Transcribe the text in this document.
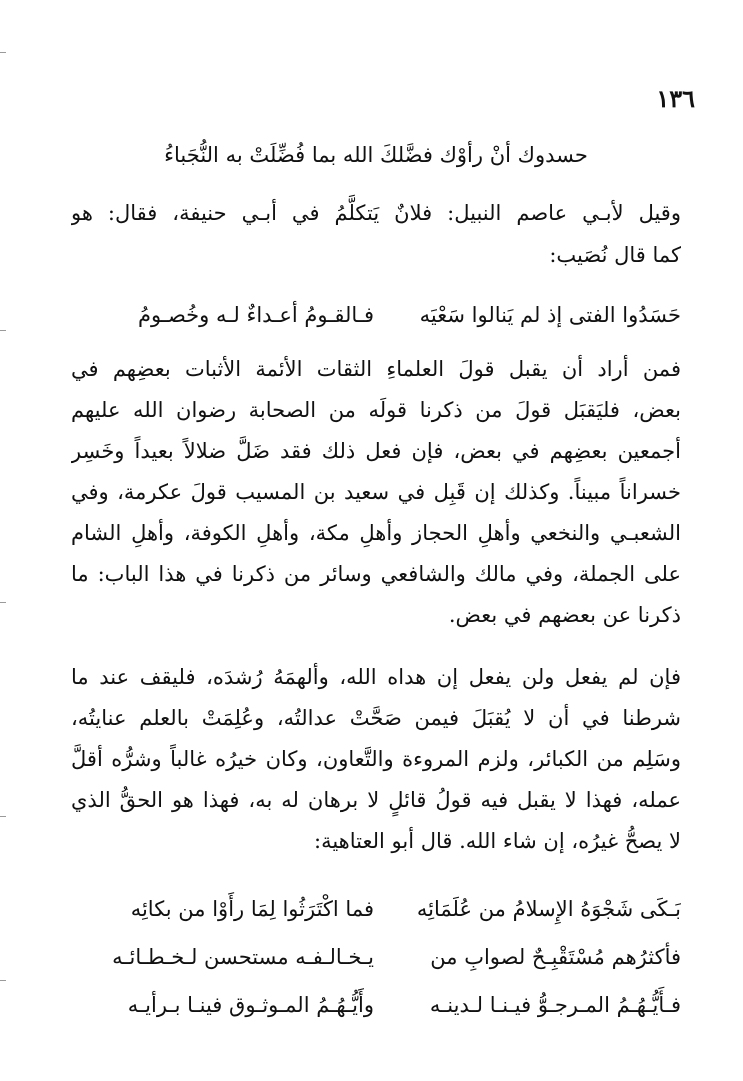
١٣٦
حسدوك أنْ رأوْك فضَّلكَ الله بما فُضِّلَتْ به النُّجَباءُ
وقيل لأبـي عاصم النبيل: فلانٌ يَتكلَّمُ في أبـي حنيفة، فقال: هو
كما قال نُصَيب:
حَسَدُوا الفتى إذ لم يَنالوا سَعْيَه
فـالقـومُ أعـداءٌ لـه وخُصـومُ
فمن أراد أن يقبل قولَ العلماءِ الثقات الأئمة الأثبات بعضِهم في
بعض، فليَقبَل قولَ من ذكرنا قولَه من الصحابة رضوان الله عليهم
أجمعين بعضِهم في بعض، فإن فعل ذلك فقد ضَلَّ ضلالاً بعيداً وخَسِر
خسراناً مبيناً. وكذلك إن قَبِل في سعيد بن المسيب قولَ عكرمة، وفي
الشعبـي والنخعي وأهلِ الحجاز وأهلِ مكة، وأهلِ الكوفة، وأهلِ الشام
على الجملة، وفي مالك والشافعي وسائر من ذكرنا في هذا الباب: ما
ذكرنا عن بعضهم في بعض.
فإن لم يفعل ولن يفعل إن هداه الله، وألهمَهُ رُشدَه، فليقف عند ما
شرطنا في أن لا يُقبَلَ فيمن صَحَّتْ عدالتُه، وعُلِمَتْ بالعلم عنايتُه،
وسَلِم من الكبائر، ولزم المروءة والتَّعاون، وكان خيرُه غالباً وشرُّه أقلَّ
عمله، فهذا لا يقبل فيه قولُ قائلٍ لا برهان له به، فهذا هو الحقُّ الذي
لا يصحُّ غيرُه، إن شاء الله. قال أبو العتاهية:
بَـكَى شَجْوَهُ الإِسلامُ من عُلَمَائِه
فما اكْتَرَثُوا لِمَا رأَوْا من بكائِه
فأكثرُهم مُسْتَقْبِـحٌ لصوابِ من
يـخـالـفـه مستحسن لـخـطـائـه
فـأَيُّـهُـمُ المـرجـوُّ فيـنـا لـدينـه
وأَيُّـهُـمُ المـوثـوق فينـا بـرأيـه
